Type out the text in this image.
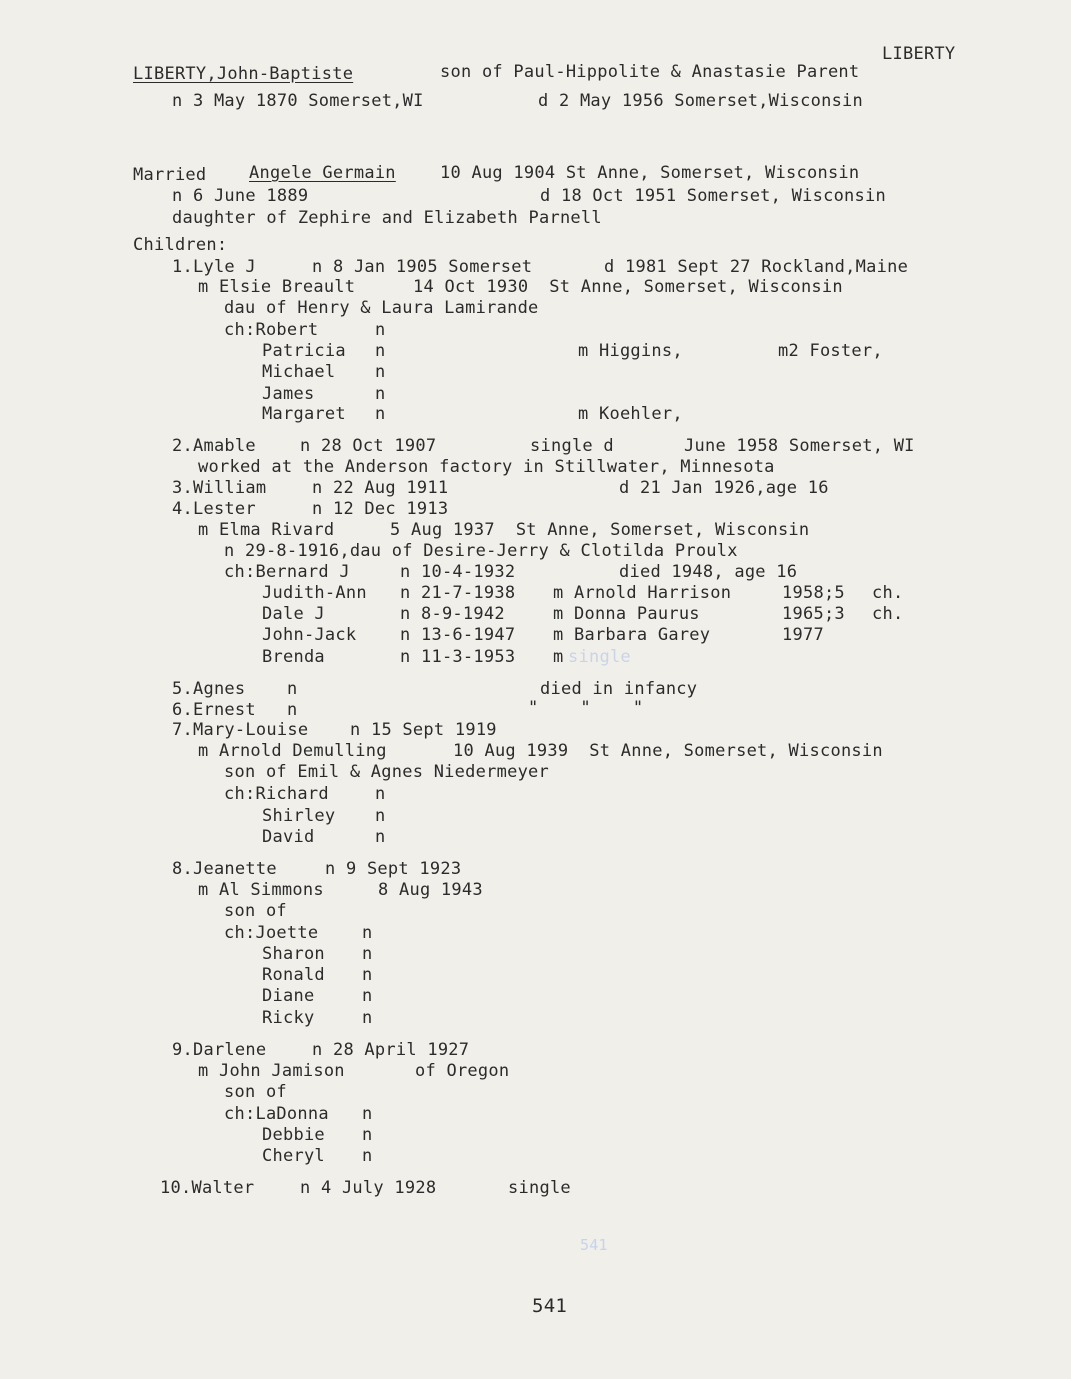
LIBERTY
LIBERTY,John-Baptiste	son of Paul-Hippolite & Anastasie Parent
n 3 May 1870 Somerset,WI	d 2 May 1956 Somerset,Wisconsin
Married	Angele Germain	10 Aug 1904 St Anne, Somerset, Wisconsin
n 6 June 1889	d 18 Oct 1951 Somerset, Wisconsin
daughter of Zephire and Elizabeth Parnell
Children:
1.Lyle J	n 8 Jan 1905 Somerset	d 1981 Sept 27 Rockland,Maine
m Elsie Breault	14 Oct 1930  St Anne, Somerset, Wisconsin
dau of Henry & Laura Lamirande
ch:Robert	n
Patricia n	m Higgins,	m2 Foster,
Michael n
James	n
Margaret n	m Koehler,
2.Amable	n 28 Oct 1907	single d	June 1958 Somerset, WI
worked at the Anderson factory in Stillwater, Minnesota
3.William	n 22 Aug 1911	d 21 Jan 1926,age 16
4.Lester	n 12 Dec 1913
m Elma Rivard	5 Aug 1937  St Anne, Somerset, Wisconsin
n 29-8-1916,dau of Desire-Jerry & Clotilda Proulx
ch:Bernard J	n 10-4-1932	died 1948, age 16
Judith-Ann n 21-7-1938 m Arnold Harrison	1958;5 ch.
Dale J	n 8-9-1942	m Donna Paurus	1965;3 ch.
John-Jack	n 13-6-1947 m Barbara Garey	1977
Brenda	n 11-3-1953 m single
5.Agnes n	died in infancy
6.Ernest n	"    "    "
7.Mary-Louise n 15 Sept 1919
m Arnold Demulling	10 Aug 1939  St Anne, Somerset, Wisconsin
son of Emil & Agnes Niedermeyer
ch:Richard	n
Shirley n
David	n
8.Jeanette	n 9 Sept 1923
m Al Simmons	8 Aug 1943
son of
ch:Joette	n
Sharon n
Ronald n
Diane	n
Ricky	n
9.Darlene	n 28 April 1927
m John Jamison	of Oregon
son of
ch:LaDonna n
Debbie n
Cheryl n
10.Walter	n 4 July 1928	single
541
541
